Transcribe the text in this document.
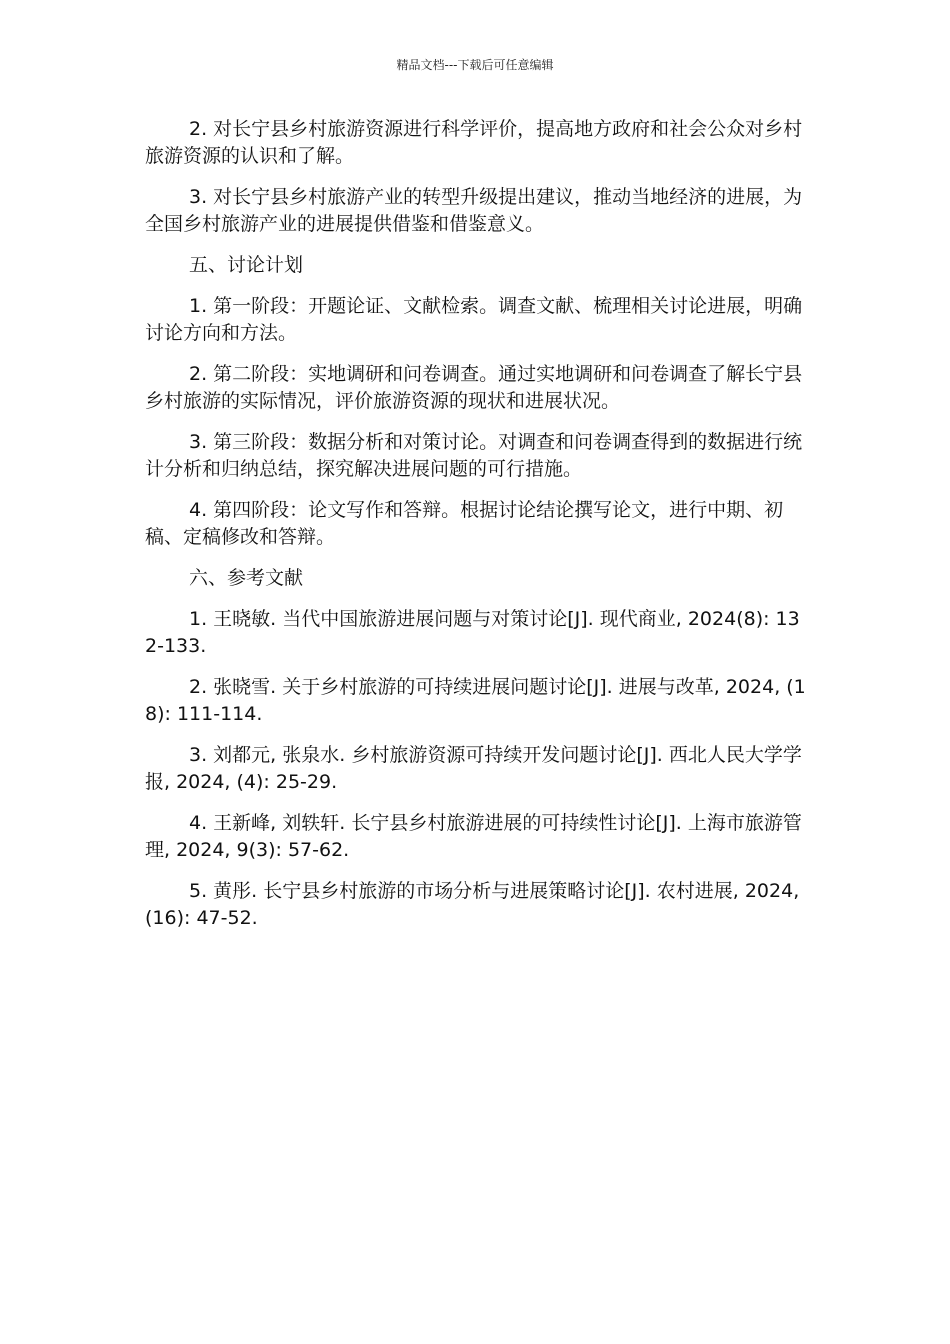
精品文档---下载后可任意编辑

2. 对长宁县乡村旅游资源进行科学评价，提高地方政府和社会公众对乡村旅游资源的认识和了解。

3. 对长宁县乡村旅游产业的转型升级提出建议，推动当地经济的进展，为全国乡村旅游产业的进展提供借鉴和借鉴意义。

五、讨论计划

1. 第一阶段：开题论证、文献检索。调查文献、梳理相关讨论进展，明确讨论方向和方法。

2. 第二阶段：实地调研和问卷调查。通过实地调研和问卷调查了解长宁县乡村旅游的实际情况，评价旅游资源的现状和进展状况。

3. 第三阶段：数据分析和对策讨论。对调查和问卷调查得到的数据进行统计分析和归纳总结，探究解决进展问题的可行措施。

4. 第四阶段：论文写作和答辩。根据讨论结论撰写论文，进行中期、初稿、定稿修改和答辩。

六、参考文献

1. 王晓敏. 当代中国旅游进展问题与对策讨论[J]. 现代商业, 2024(8): 132-133.

2. 张晓雪. 关于乡村旅游的可持续进展问题讨论[J]. 进展与改革, 2024, (18): 111-114.

3. 刘都元, 张泉水. 乡村旅游资源可持续开发问题讨论[J]. 西北人民大学学报, 2024, (4): 25-29.

4. 王新峰, 刘轶轩. 长宁县乡村旅游进展的可持续性讨论[J]. 上海市旅游管理, 2024, 9(3): 57-62.

5. 黄彤. 长宁县乡村旅游的市场分析与进展策略讨论[J]. 农村进展, 2024, (16): 47-52.
